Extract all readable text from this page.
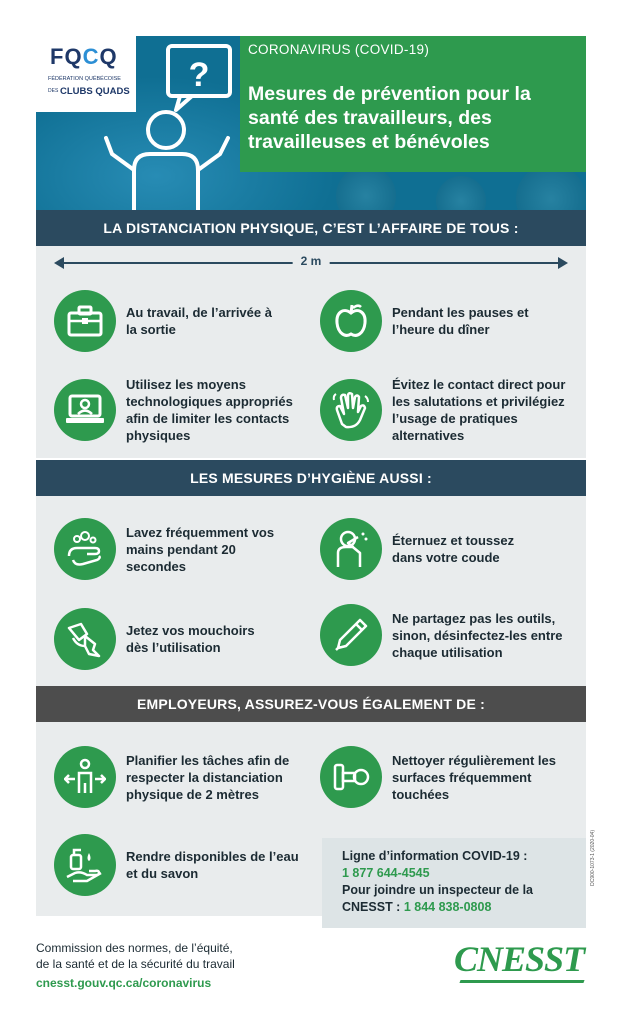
FQCQ
FÉDÉRATION QUÉBÉCOISE
DES CLUBS QUADS ?
CORONAVIRUS (COVID-19)
Mesures de prévention pour la santé des travailleurs, des travailleuses et bénévoles
LA DISTANCIATION PHYSIQUE, C’EST L’AFFAIRE DE TOUS :
2 m
Au travail, de l’arrivée à la sortie
Pendant les pauses et l’heure du dîner
Utilisez les moyens technologiques appropriés afin de limiter les contacts physiques
Évitez le contact direct pour les salutations et privilégiez l’usage de pratiques alternatives
LES MESURES D’HYGIÈNE AUSSI :
Lavez fréquemment vos mains pendant 20 secondes
Éternuez et toussez dans votre coude
Jetez vos mouchoirs dès l’utilisation
Ne partagez pas les outils, sinon, désinfectez-les entre chaque utilisation
EMPLOYEURS, ASSUREZ-VOUS ÉGALEMENT DE :
Planifier les tâches afin de respecter la distanciation physique de 2 mètres
Nettoyer régulièrement les surfaces fréquemment touchées
Rendre disponibles de l’eau et du savon
Ligne d’information COVID-19 :
1 877 644-4545
Pour joindre un inspecteur de la
CNESST : 1 844 838-0808
DC900-1073-1 (2020-04)
Commission des normes, de l’équité,
de la santé et de la sécurité du travail
cnesst.gouv.qc.ca/coronavirus
CNESST
